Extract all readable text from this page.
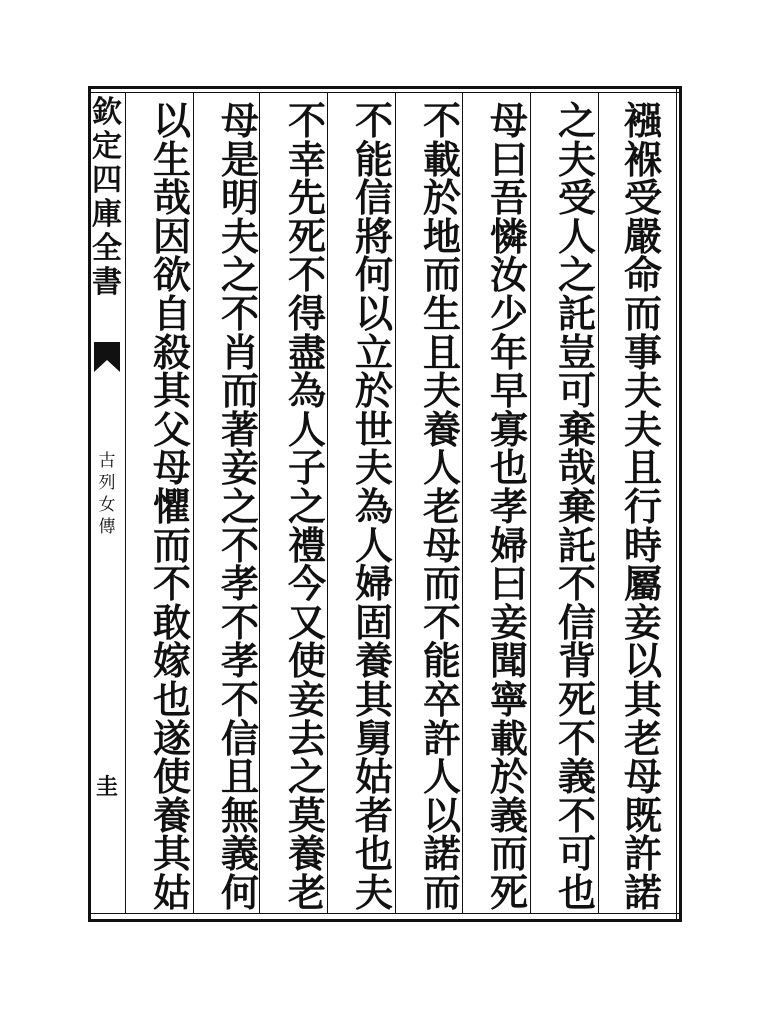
欽
定
四
庫
全
書
古
列
女
傳
圭
襁
褓
受
嚴
命
而
事
夫
夫
且
行
時
屬
妾
以
其
老
母
既
許
諾
之
夫
受
人
之
託
豈
可
棄
哉
棄
託
不
信
背
死
不
義
不
可
也
母
曰
吾
憐
汝
少
年
早
寡
也
孝
婦
曰
妾
聞
寧
載
於
義
而
死
不
載
於
地
而
生
且
夫
養
人
老
母
而
不
能
卒
許
人
以
諾
而
不
能
信
將
何
以
立
於
世
夫
為
人
婦
固
養
其
舅
姑
者
也
夫
不
幸
先
死
不
得
盡
為
人
子
之
禮
今
又
使
妾
去
之
莫
養
老
母
是
明
夫
之
不
肖
而
著
妾
之
不
孝
不
孝
不
信
且
無
義
何
以
生
哉
因
欲
自
殺
其
父
母
懼
而
不
敢
嫁
也
遂
使
養
其
姑
